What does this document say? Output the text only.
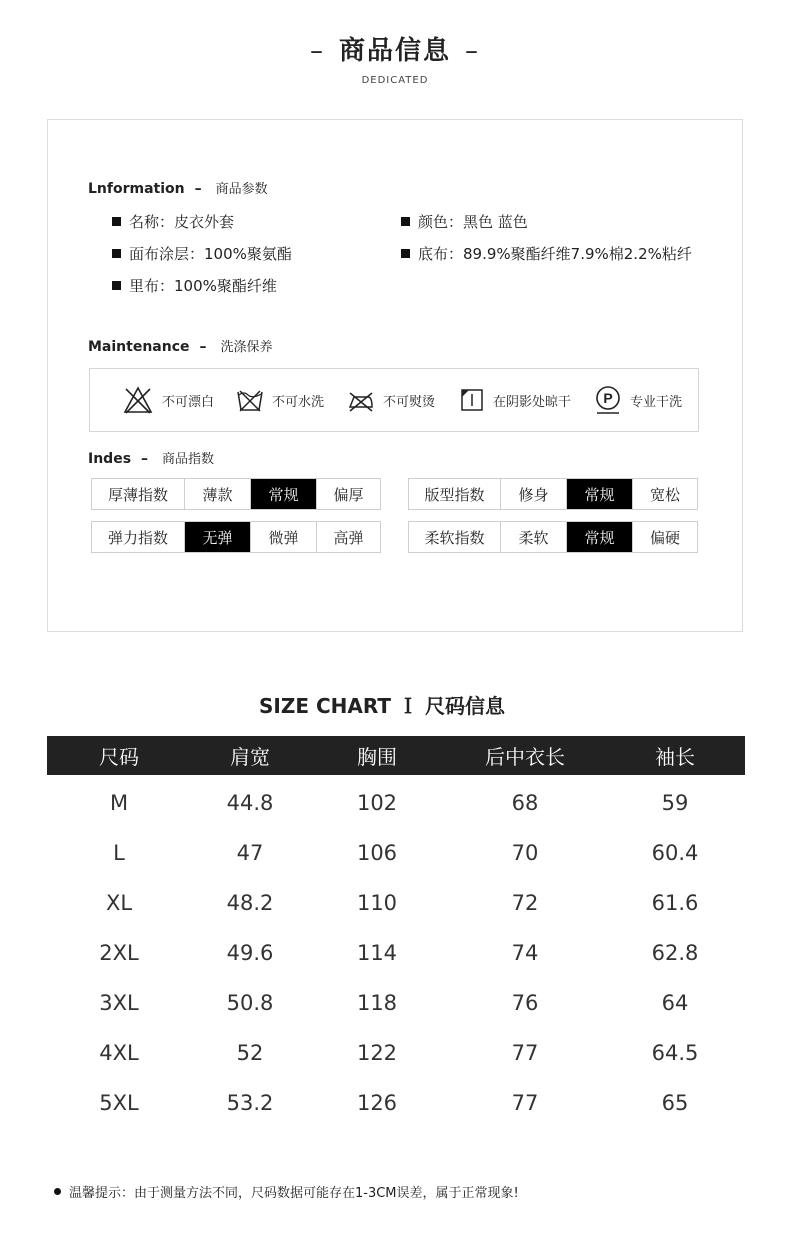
– 商品信息 –
DEDICATED
Lnformation – 商品参数
名称：皮衣外套	颜色：黑色 蓝色
面布涂层：100%聚氨酯	底布：89.9%聚酯纤维7.9%棉2.2%粘纤
里布：100%聚酯纤维
Maintenance – 洗涤保养
不可漂白	不可水洗	不可熨烫	在阴影处晾干 P 专业干洗
Indes – 商品指数
厚薄指数	薄款	常规	偏厚	版型指数	修身	常规	宽松
弹力指数	无弹	微弹	高弹	柔软指数	柔软	常规	偏硬
SIZE CHART Ｉ 尺码信息
尺码	肩宽	胸围	后中衣长	袖长
M	44.8	102	68	59
L	47	106	70	60.4
XL	48.2	110	72	61.6
2XL	49.6	114	74	62.8
3XL	50.8	118	76	64
4XL	52	122	77	64.5
5XL	53.2	126	77	65
温馨提示：由于测量方法不同，尺码数据可能存在1-3CM误差，属于正常现象!
